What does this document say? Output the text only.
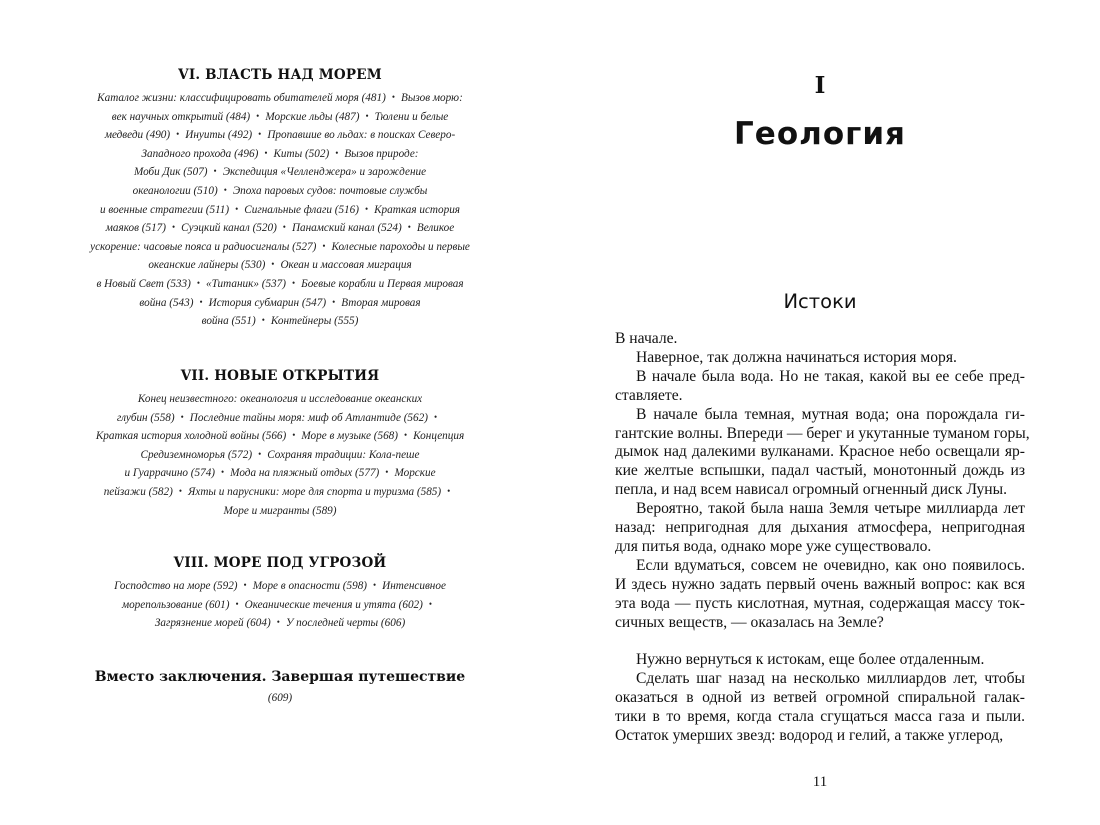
VI. ВЛАСТЬ НАД МОРЕМ
Каталог жизни: классифицировать обитателей моря (481) • Вызов морю:
век научных открытий (484) • Морские льды (487) • Тюлени и белые
медведи (490) • Инуиты (492) • Пропавшие во льдах: в поисках Северо-
Западного прохода (496) • Киты (502) • Вызов природе:
Моби Дик (507) • Экспедиция «Челленджера» и зарождение
океанологии (510) • Эпоха паровых судов: почтовые службы
и военные стратегии (511) • Сигнальные флаги (516) • Краткая история
маяков (517) • Суэцкий канал (520) • Панамский канал (524) • Великое
ускорение: часовые пояса и радиосигналы (527) • Колесные пароходы и первые
океанские лайнеры (530) • Океан и массовая миграция
в Новый Свет (533) • «Титаник» (537) • Боевые корабли и Первая мировая
война (543) • История субмарин (547) • Вторая мировая
война (551) • Контейнеры (555)
VII. НОВЫЕ ОТКРЫТИЯ
Конец неизвестного: океанология и исследование океанских
глубин (558) • Последние тайны моря: миф об Атлантиде (562) •
Краткая история холодной войны (566) • Море в музыке (568) • Концепция
Средиземноморья (572) • Сохраняя традиции: Кола-пеше
и Гуаррачино (574) • Мода на пляжный отдых (577) • Морские
пейзажи (582) • Яхты и парусники: море для спорта и туризма (585) •
Море и мигранты (589)
VIII. МОРЕ ПОД УГРОЗОЙ
Господство на море (592) • Море в опасности (598) • Интенсивное
морепользование (601) • Океанические течения и утята (602) •
Загрязнение морей (604) • У последней черты (606)
Вместо заключения. Завершая путешествие
(609)
I
Геология
Истоки

В начале.

Наверное, так должна начинаться история моря.

В начале была вода. Но не такая, какой вы ее себе пред-
ставляете.

В начале была темная, мутная вода; она порождала ги-
гантские волны. Впереди — берег и укутанные туманом горы,
дымок над далекими вулканами. Красное небо освещали яр-
кие желтые вспышки, падал частый, монотонный дождь из
пепла, и над всем нависал огромный огненный диск Луны.

Вероятно, такой была наша Земля четыре миллиарда лет
назад: непригодная для дыхания атмосфера, непригодная
для питья вода, однако море уже существовало.

Если вдуматься, совсем не очевидно, как оно появилось.
И здесь нужно задать первый очень важный вопрос: как вся
эта вода — пусть кислотная, мутная, содержащая массу ток-
сичных веществ, — оказалась на Земле?

Нужно вернуться к истокам, еще более отдаленным.

Сделать шаг назад на несколько миллиардов лет, чтобы
оказаться в одной из ветвей огромной спиральной галак-
тики в то время, когда стала сгущаться масса газа и пыли.
Остаток умерших звезд: водород и гелий, а также углерод,

11
